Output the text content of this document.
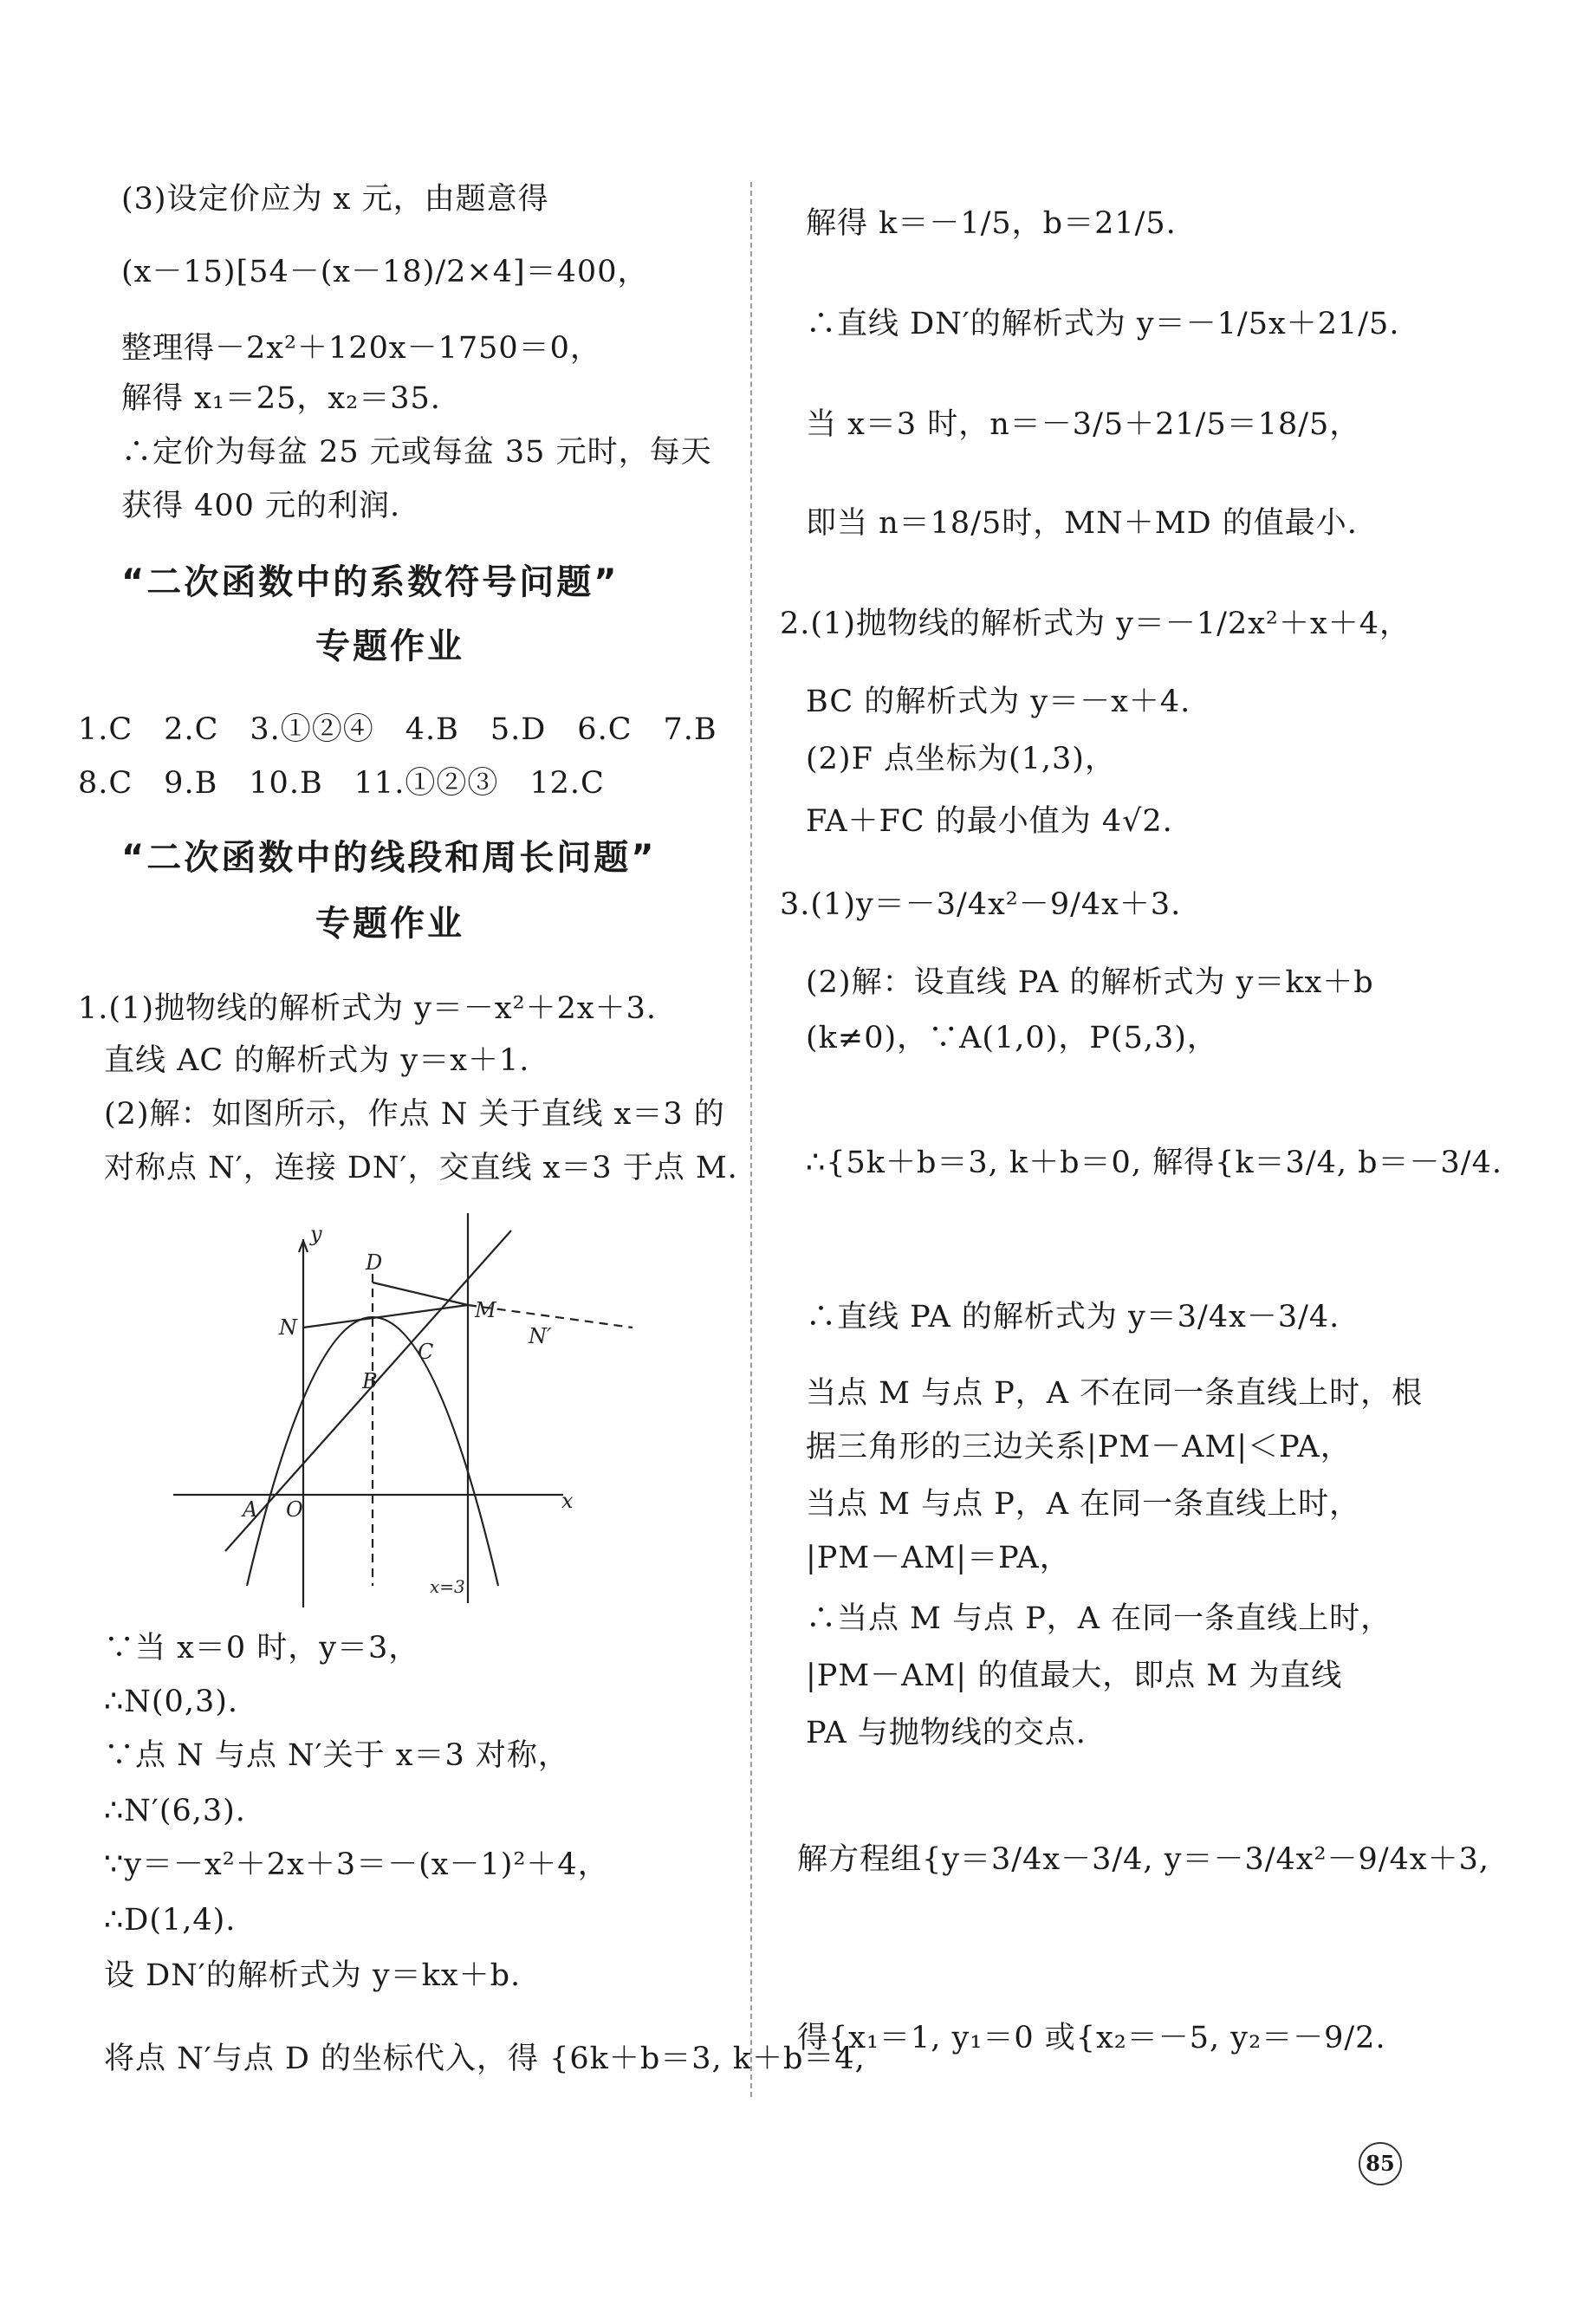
(3)设定价应为 x 元，由题意得
(x－15)[54－(x－18)/2×4]＝400，
整理得－2x²＋120x－1750＝0，
解得 x₁＝25，x₂＝35.
∴定价为每盆 25 元或每盆 35 元时，每天
获得 400 元的利润.
“二次函数中的系数符号问题”
专题作业
1.C　2.C　3.①②④　4.B　5.D　6.C　7.B
8.C　9.B　10.B　11.①②③　12.C
“二次函数中的线段和周长问题”
专题作业
1.(1)抛物线的解析式为 y＝－x²＋2x＋3.
直线 AC 的解析式为 y＝x＋1.
(2)解：如图所示，作点 N 关于直线 x＝3 的
对称点 N′，连接 DN′，交直线 x＝3 于点 M.
y
D
N
M
N′
C
B
A O	x
x=3
∵当 x＝0 时，y＝3，
∴N(0,3).
∵点 N 与点 N′关于 x＝3 对称，
∴N′(6,3).
∵y＝－x²＋2x＋3＝－(x－1)²＋4，
∴D(1,4).
设 DN′的解析式为 y＝kx＋b.
将点 N′与点 D 的坐标代入，得 {6k＋b＝3, k＋b＝4,
解得 k＝－1/5，b＝21/5.
∴直线 DN′的解析式为 y＝－1/5x＋21/5.
当 x＝3 时，n＝－3/5＋21/5＝18/5，
即当 n＝18/5时，MN＋MD 的值最小.
2.(1)抛物线的解析式为 y＝－1/2x²＋x＋4，
BC 的解析式为 y＝－x＋4.
(2)F 点坐标为(1,3)，
FA＋FC 的最小值为 4√2.
3.(1)y＝－3/4x²－9/4x＋3.
(2)解：设直线 PA 的解析式为 y＝kx＋b
(k≠0)，∵A(1,0)，P(5,3)，
∴{5k＋b＝3, k＋b＝0, 解得{k＝3/4, b＝－3/4.
∴直线 PA 的解析式为 y＝3/4x－3/4.
当点 M 与点 P，A 不在同一条直线上时，根
据三角形的三边关系|PM－AM|＜PA，
当点 M 与点 P，A 在同一条直线上时，
|PM－AM|＝PA，
∴当点 M 与点 P，A 在同一条直线上时，
|PM－AM| 的值最大，即点 M 为直线
PA 与抛物线的交点.
解方程组{y＝3/4x－3/4, y＝－3/4x²－9/4x＋3,
得{x₁＝1, y₁＝0 或{x₂＝－5, y₂＝－9/2.
85
